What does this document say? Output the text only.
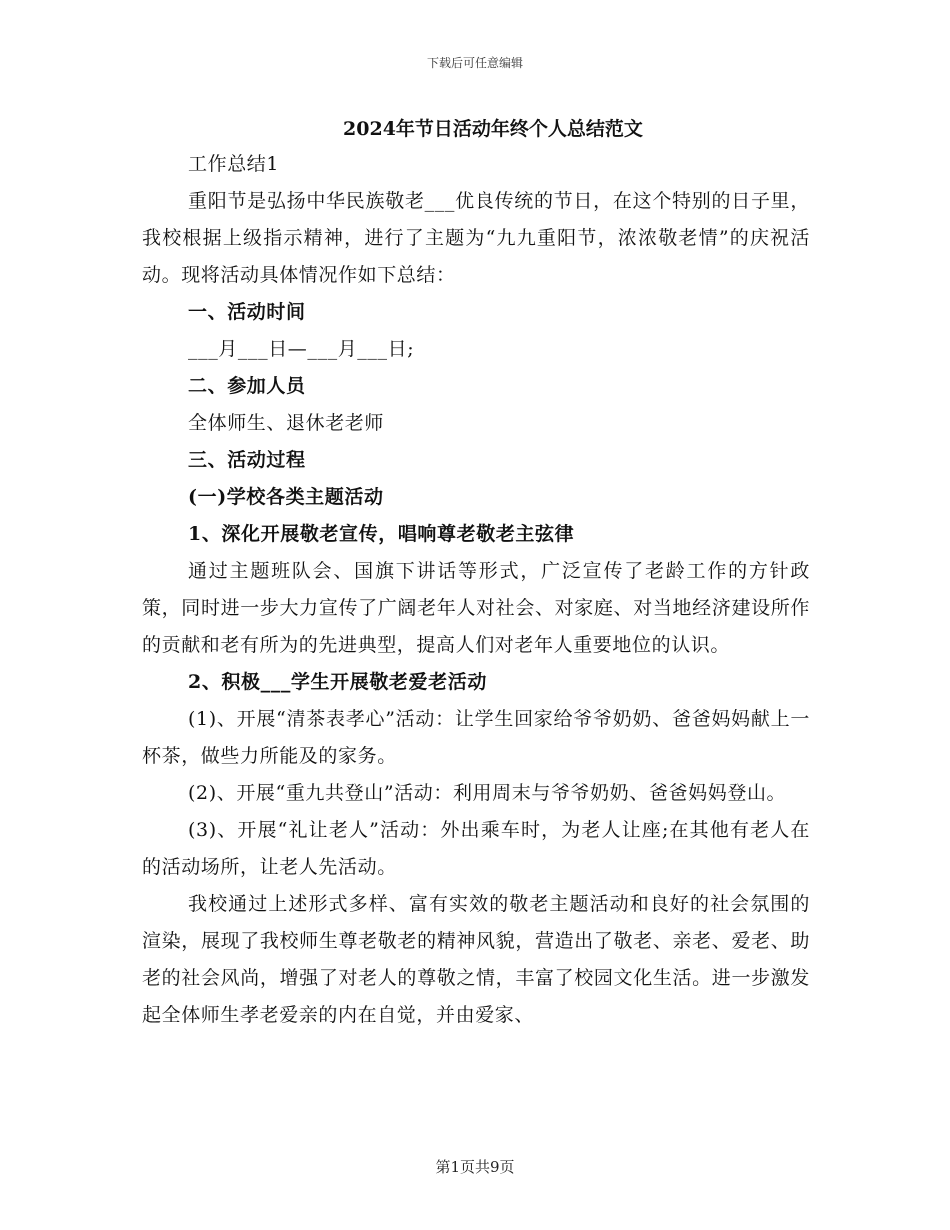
下载后可任意编辑
2024年节日活动年终个人总结范文

工作总结1

重阳节是弘扬中华民族敬老___优良传统的节日，在这个特别的日子里，我校根据上级指示精神，进行了主题为“九九重阳节，浓浓敬老情”的庆祝活动。现将活动具体情况作如下总结：

一、活动时间

___月___日—___月___日;

二、参加人员

全体师生、退休老老师

三、活动过程

(一)学校各类主题活动

1、深化开展敬老宣传，唱响尊老敬老主弦律

通过主题班队会、国旗下讲话等形式，广泛宣传了老龄工作的方针政策，同时进一步大力宣传了广阔老年人对社会、对家庭、对当地经济建设所作的贡献和老有所为的先进典型，提高人们对老年人重要地位的认识。

2、积极___学生开展敬老爱老活动

(1)、开展“清茶表孝心”活动：让学生回家给爷爷奶奶、爸爸妈妈献上一杯茶，做些力所能及的家务。

(2)、开展“重九共登山”活动：利用周末与爷爷奶奶、爸爸妈妈登山。

(3)、开展“礼让老人”活动：外出乘车时，为老人让座;在其他有老人在的活动场所，让老人先活动。

我校通过上述形式多样、富有实效的敬老主题活动和良好的社会氛围的渲染，展现了我校师生尊老敬老的精神风貌，营造出了敬老、亲老、爱老、助老的社会风尚，增强了对老人的尊敬之情，丰富了校园文化生活。进一步激发起全体师生孝老爱亲的内在自觉，并由爱家、

第1页共9页
